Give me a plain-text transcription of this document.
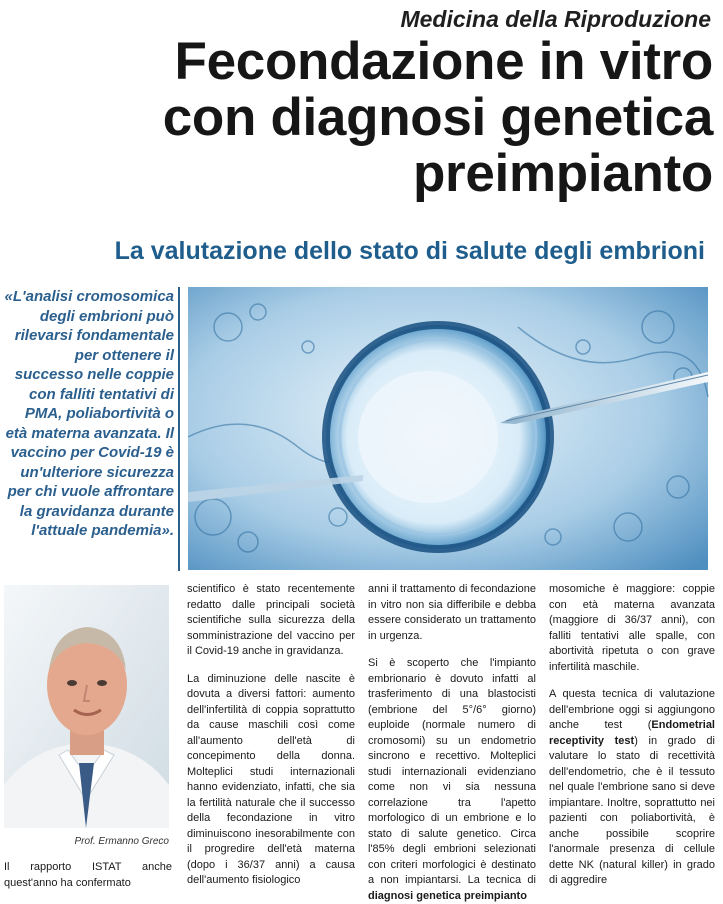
Medicina della Riproduzione
Fecondazione in vitro
con diagnosi genetica
preimpianto
La valutazione dello stato di salute degli embrioni
«L'analisi cromosomica degli embrioni può rilevarsi fondamentale per ottenere il successo nelle coppie con falliti tentativi di PMA, poliabortività o età materna avanzata. Il vaccino per Covid-19 è un'ulteriore sicurezza per chi vuole affrontare la gravidanza durante l'attuale pandemia».
Prof. Ermanno Greco

Il rapporto ISTAT anche quest'anno ha confermato

scientifico è stato recentemente redatto dalle principali società scientifiche sulla sicurezza della somministrazione del vaccino per il Covid-19 anche in gravidanza.

La diminuzione delle nascite è dovuta a diversi fattori: aumento dell'infertilità di coppia soprattutto da cause maschili così come all'aumento dell'età di concepimento della donna. Molteplici studi internazionali hanno evidenziato, infatti, che sia la fertilità naturale che il successo della fecondazione in vitro diminuiscono inesorabilmente con il progredire dell'età materna (dopo i 36/37 anni) a causa dell'aumento fisiologico

anni il trattamento di fecondazione in vitro non sia differibile e debba essere considerato un trattamento in urgenza.

Si è scoperto che l'impianto embrionario è dovuto infatti al trasferimento di una blastocisti (embrione del 5°/6° giorno) euploide (normale numero di cromosomi) su un endometrio sincrono e recettivo. Molteplici studi internazionali evidenziano come non vi sia nessuna correlazione tra l'apetto morfologico di un embrione e lo stato di salute genetico. Circa l'85% degli embrioni selezionati con criteri morfologici è destinato a non impiantarsi. La tecnica di diagnosi genetica preimpianto

mosomiche è maggiore: coppie con età materna avanzata (maggiore di 36/37 anni), con falliti tentativi alle spalle, con abortività ripetuta o con grave infertilità maschile.

A questa tecnica di valutazione dell'embrione oggi si aggiungono anche test (Endometrial receptivity test) in grado di valutare lo stato di recettività dell'endometrio, che è il tessuto nel quale l'embrione sano si deve impiantare. Inoltre, soprattutto nei pazienti con poliabortività, è anche possibile scoprire l'anormale presenza di cellule dette NK (natural killer) in grado di aggredire
